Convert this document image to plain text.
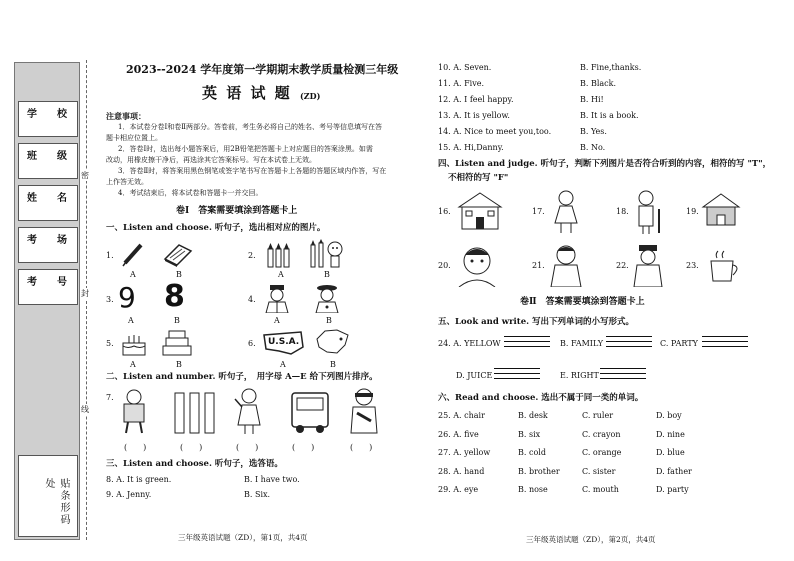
学　　校
班　　级
姓　　名
考　　场
考　　号
贴条形码处
密
封
线
2023--2024 学年度第一学期期末教学质量检测三年级
英 语 试 题 (ZD)
注意事项：
1．本试卷分卷Ⅰ和卷Ⅱ两部分。答卷前，考生务必将自己的姓名、考号等信息填写在答
题卡相应位置上。
2．答卷Ⅰ时，选出每小题答案后，用2B铅笔把答题卡上对应题目的答案涂黑。如需
改动，用橡皮擦干净后，再选涂其它答案标号。写在本试卷上无效。
3．答卷Ⅱ时，将答案用黑色钢笔或签字笔书写在答题卡上各题的答题区域内作答，写在
上作答无效。
4．考试结束后，将本试卷和答题卡一并交回。
卷Ⅰ　答案需要填涂到答题卡上
一、Listen and choose. 听句子，选出相对应的图片。
1.
A	B
2.
A	B
3. 9 8
A	B
4.
A	B
5.
A	B
6. U.S.A.
A	B
二、Listen and number. 听句子，　用字母 A—E 给下列图片排序。
7.
(　　)	(　　)	(　　)	(　　)	(　　)
三、Listen and choose. 听句子，选答语。
8. A. It is green.	B. I have two.
9. A. Jenny.	B. Six.
三年级英语试题（ZD），第1页，共4页
10. A. Seven.	B. Fine,thanks.
11. A. Five.	B. Black.
12. A. I feel happy.	B. Hi!
13. A. It is yellow.	B. It is a book.
14. A. Nice to meet you,too.	B. Yes.
15. A. Hi,Danny.	B. No.
四、Listen and judge. 听句子，判断下列图片是否符合听到的内容，相符的写 "T"，
不相符的写 "F"
16.	17.	18.	19.
20.	21.	22.	23.
卷Ⅱ　答案需要填涂到答题卡上
五、Look and write. 写出下列单词的小写形式。
24. A. YELLOW	B. FAMILY	C. PARTY
D. JUICE	E. RIGHT
六、Read and choose. 选出不属于同一类的单词。
25. A. chair	B. desk	C. ruler	D. boy
26. A. five	B. six	C. crayon	D. nine
27. A. yellow	B. cold	C. orange	D. blue
28. A. hand	B. brother	C. sister	D. father
29. A. eye	B. nose	C. mouth	D. party
三年级英语试题（ZD），第2页，共4页
